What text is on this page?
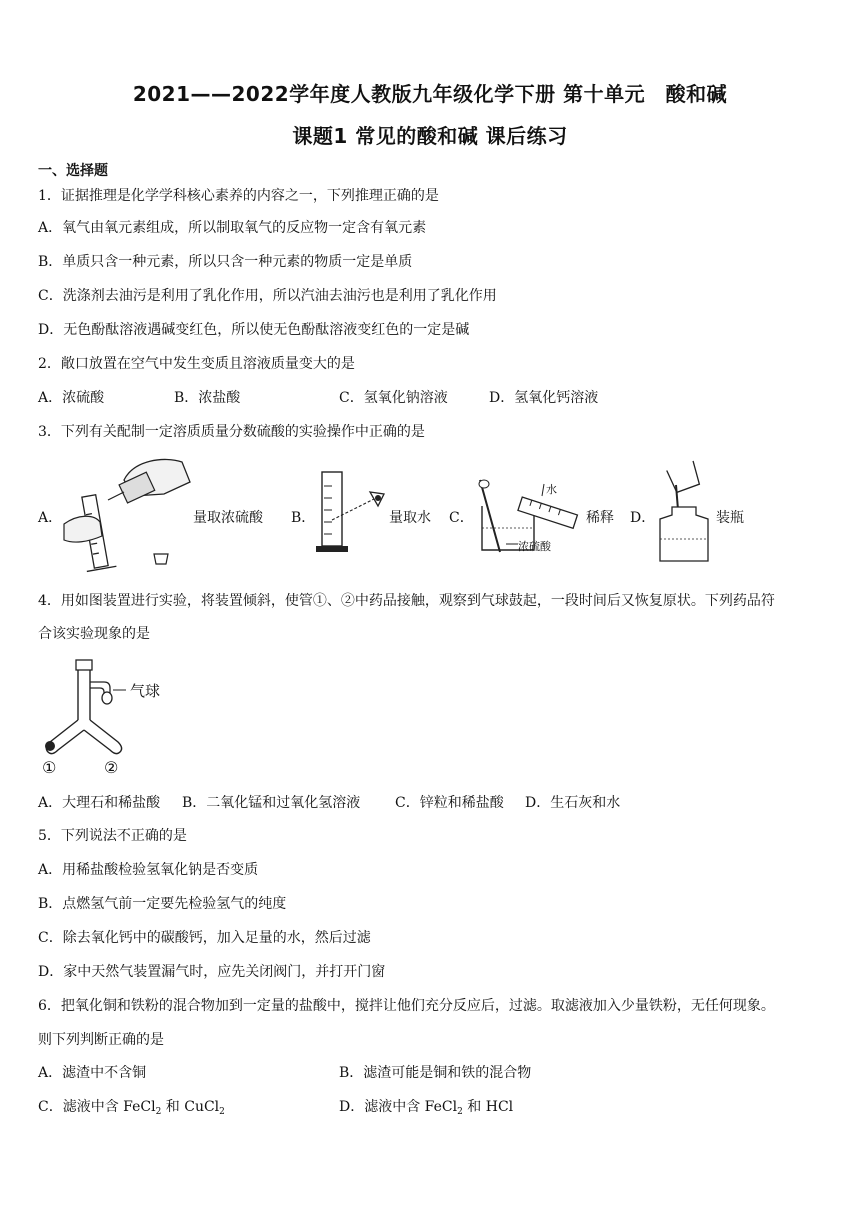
2021——2022学年度人教版九年级化学下册 第十单元　酸和碱
课题1 常见的酸和碱 课后练习
一、选择题
1．证据推理是化学学科核心素养的内容之一，下列推理正确的是
A．氧气由氧元素组成，所以制取氧气的反应物一定含有氧元素
B．单质只含一种元素，所以只含一种元素的物质一定是单质
C．洗涤剂去油污是利用了乳化作用，所以汽油去油污也是利用了乳化作用
D．无色酚酞溶液遇碱变红色，所以使无色酚酞溶液变红色的一定是碱
2．敞口放置在空气中发生变质且溶液质量变大的是
A．浓硫酸	B．浓盐酸	C．氢氧化钠溶液	D．氢氧化钙溶液
3．下列有关配制一定溶质质量分数硫酸的实验操作中正确的是
A．	量取浓硫酸 B．	量取水 C．
水
浓硫酸
稀释 D．	装瓶
4．用如图装置进行实验，将装置倾斜，使管①、②中药品接触，观察到气球鼓起，一段时间后又恢复原状。下列药品符
合该实验现象的是
气球
①	②
A．大理石和稀盐酸 B．二氧化锰和过氧化氢溶液 C．锌粒和稀盐酸 D．生石灰和水
5．下列说法不正确的是
A．用稀盐酸检验氢氧化钠是否变质
B．点燃氢气前一定要先检验氢气的纯度
C．除去氧化钙中的碳酸钙，加入足量的水，然后过滤
D．家中天然气装置漏气时，应先关闭阀门，并打开门窗
6．把氧化铜和铁粉的混合物加到一定量的盐酸中，搅拌让他们充分反应后，过滤。取滤液加入少量铁粉，无任何现象。
则下列判断正确的是
A．滤渣中不含铜	B．滤渣可能是铜和铁的混合物
C．滤液中含 FeCl$_2$ 和 CuCl$_2$	D．滤液中含 FeCl$_2$ 和 HCl
